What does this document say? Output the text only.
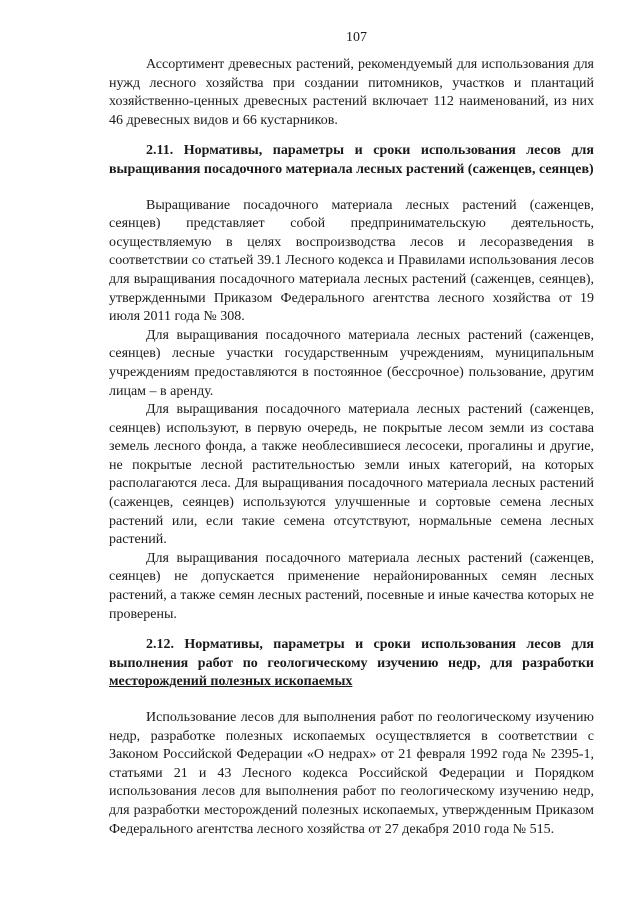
107

Ассортимент древесных растений, рекомендуемый для использования для нужд лесного хозяйства при создании питомников, участков и плантаций хозяйственно-ценных древесных растений включает 112 наименований, из них 46 древесных видов и 66 кустарников.

2.11. Нормативы, параметры и сроки использования лесов для выращивания посадочного материала лесных растений (саженцев, сеянцев)

Выращивание посадочного материала лесных растений (саженцев, сеянцев) представляет собой предпринимательскую деятельность, осуществляемую в целях воспроизводства лесов и лесоразведения в соответствии со статьей 39.1 Лесного кодекса и Правилами использования лесов для выращивания посадочного материала лесных растений (саженцев, сеянцев), утвержденными Приказом Федерального агентства лесного хозяйства от 19 июля 2011 года № 308.

Для выращивания посадочного материала лесных растений (саженцев, сеянцев) лесные участки государственным учреждениям, муниципальным учреждениям предоставляются в постоянное (бессрочное) пользование, другим лицам – в аренду.

Для выращивания посадочного материала лесных растений (саженцев, сеянцев) используют, в первую очередь, не покрытые лесом земли из состава земель лесного фонда, а также необлесившиеся лесосеки, прогалины и другие, не покрытые лесной растительностью земли иных категорий, на которых располагаются леса. Для выращивания посадочного материала лесных растений (саженцев, сеянцев) используются улучшенные и сортовые семена лесных растений или, если такие семена отсутствуют, нормальные семена лесных растений.

Для выращивания посадочного материала лесных растений (саженцев, сеянцев) не допускается применение нерайонированных семян лесных растений, а также семян лесных растений, посевные и иные качества которых не проверены.

2.12. Нормативы, параметры и сроки использования лесов для выполнения работ по геологическому изучению недр, для разработки месторождений полезных ископаемых

Использование лесов для выполнения работ по геологическому изучению недр, разработке полезных ископаемых осуществляется в соответствии с Законом Российской Федерации «О недрах» от 21 февраля 1992 года № 2395-1, статьями 21 и 43 Лесного кодекса Российской Федерации и Порядком использования лесов для выполнения работ по геологическому изучению недр, для разработки месторождений полезных ископаемых, утвержденным Приказом Федерального агентства лесного хозяйства от 27 декабря 2010 года № 515.
